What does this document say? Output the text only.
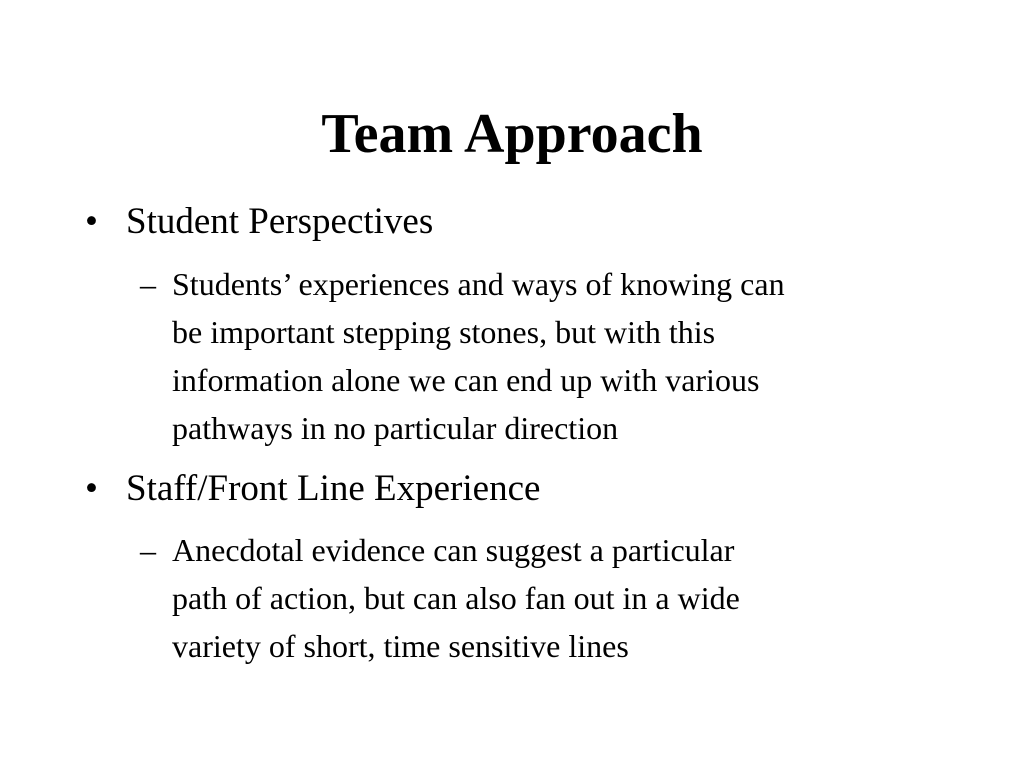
Team Approach
• Student Perspectives
– Students’ experiences and ways of knowing can
be important stepping stones, but with this
information alone we can end up with various
pathways in no particular direction
• Staff/Front Line Experience
– Anecdotal evidence can suggest a particular
path of action, but can also fan out in a wide
variety of short, time sensitive lines
